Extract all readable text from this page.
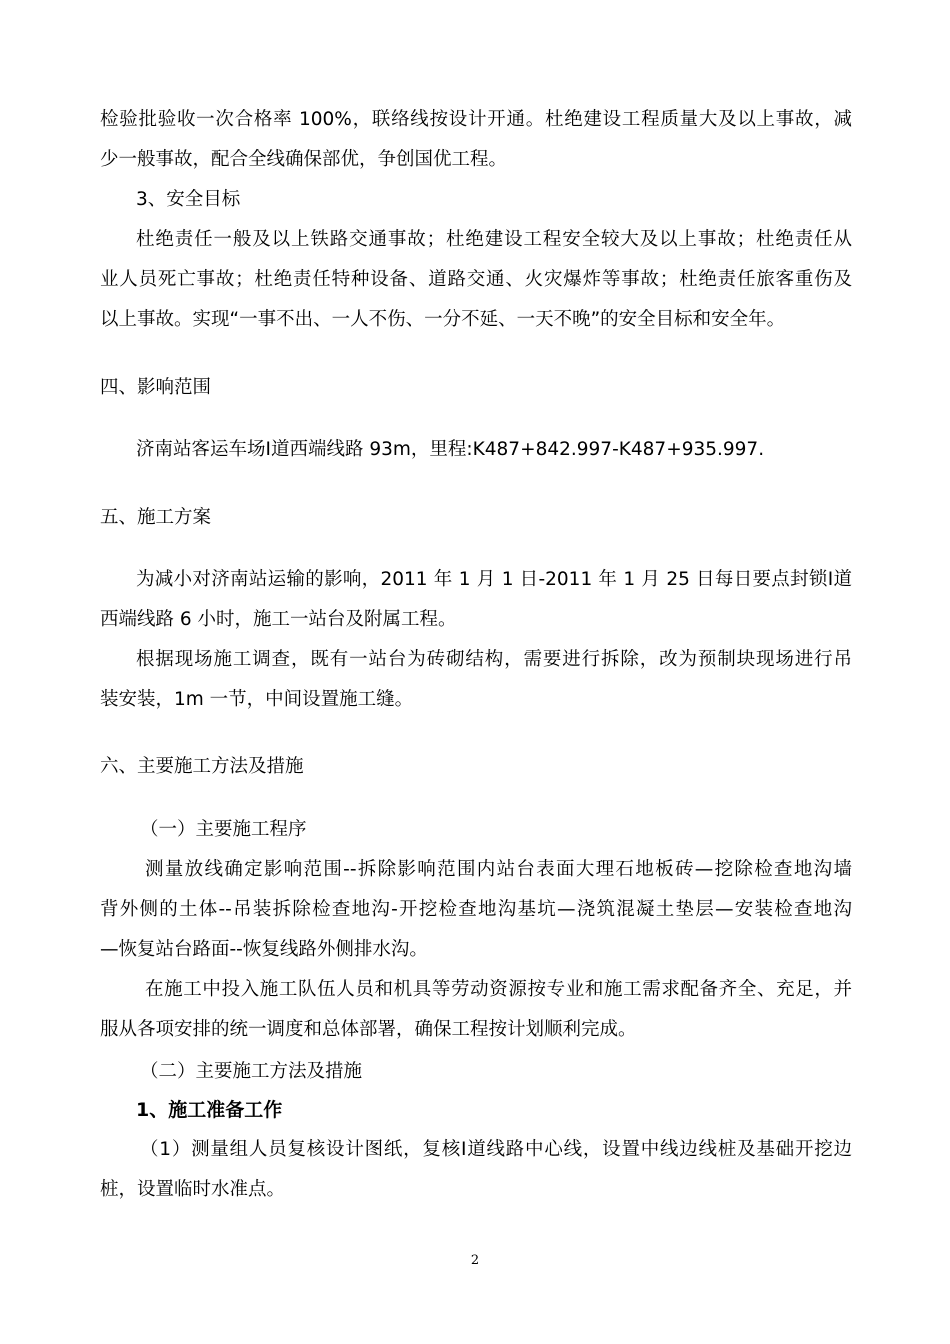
检验批验收一次合格率 100%，联络线按设计开通。杜绝建设工程质量大及以上事故，减

少一般事故，配合全线确保部优，争创国优工程。

3、安全目标

杜绝责任一般及以上铁路交通事故；杜绝建设工程安全较大及以上事故；杜绝责任从

业人员死亡事故；杜绝责任特种设备、道路交通、火灾爆炸等事故；杜绝责任旅客重伤及

以上事故。实现“一事不出、一人不伤、一分不延、一天不晚”的安全目标和安全年。

四、影响范围

济南站客运车场Ⅰ道西端线路 93m，里程:K487+842.997-K487+935.997.

五、施工方案

为减小对济南站运输的影响，2011 年 1 月 1 日-2011 年 1 月 25 日每日要点封锁Ⅰ道

西端线路 6 小时，施工一站台及附属工程。

根据现场施工调查，既有一站台为砖砌结构，需要进行拆除，改为预制块现场进行吊

装安装，1m 一节，中间设置施工缝。

六、主要施工方法及措施

（一）主要施工程序

测量放线确定影响范围--拆除影响范围内站台表面大理石地板砖—挖除检查地沟墙

背外侧的土体--吊装拆除检查地沟-开挖检查地沟基坑—浇筑混凝土垫层—安装检查地沟

—恢复站台路面--恢复线路外侧排水沟。

在施工中投入施工队伍人员和机具等劳动资源按专业和施工需求配备齐全、充足，并

服从各项安排的统一调度和总体部署，确保工程按计划顺利完成。

（二）主要施工方法及措施

1、施工准备工作

（1）测量组人员复核设计图纸，复核Ⅰ道线路中心线，设置中线边线桩及基础开挖边

桩，设置临时水准点。

2
